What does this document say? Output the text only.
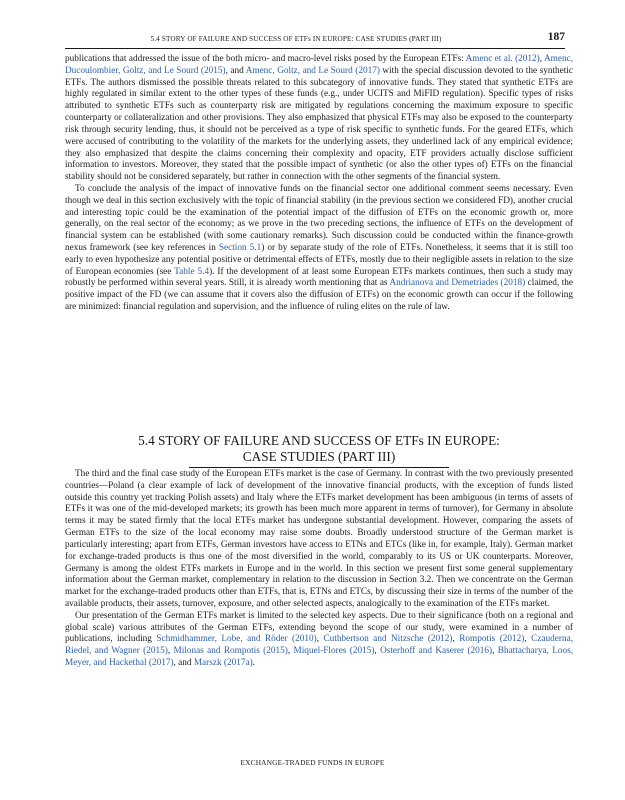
5.4 STORY OF FAILURE AND SUCCESS OF ETFs IN EUROPE: CASE STUDIES (PART III)	187

publications that addressed the issue of the both micro- and macro-level risks posed by the European ETFs: Amenc et al. (2012), Amenc, Ducoulombier, Goltz, and Le Sourd (2015), and Amenc, Goltz, and Le Sourd (2017) with the special discussion devoted to the synthetic ETFs. The authors dismissed the possible threats related to this subcategory of innovative funds. They stated that synthetic ETFs are highly regulated in similar extent to the other types of these funds (e.g., under UCITS and MiFID regulation). Specific types of risks attributed to synthetic ETFs such as counterparty risk are mitigated by regulations concerning the maximum exposure to specific counterparty or collateralization and other provisions. They also emphasized that physical ETFs may also be exposed to the counterparty risk through security lending, thus, it should not be perceived as a type of risk specific to synthetic funds. For the geared ETFs, which were accused of contributing to the volatility of the markets for the underlying assets, they underlined lack of any empirical evidence; they also emphasized that despite the claims concerning their complexity and opacity, ETF providers actually disclose sufficient information to investors. Moreover, they stated that the possible impact of synthetic (or also the other types of) ETFs on the financial stability should not be considered separately, but rather in connection with the other segments of the financial system.

To conclude the analysis of the impact of innovative funds on the financial sector one additional comment seems necessary. Even though we deal in this section exclusively with the topic of financial stability (in the previous section we considered FD), another crucial and interesting topic could be the examination of the potential impact of the diffusion of ETFs on the economic growth or, more generally, on the real sector of the economy; as we prove in the two preceding sections, the influence of ETFs on the development of financial system can be established (with some cautionary remarks). Such discussion could be conducted within the finance-growth nexus framework (see key references in Section 5.1) or by separate study of the role of ETFs. Nonetheless, it seems that it is still too early to even hypothesize any potential positive or detrimental effects of ETFs, mostly due to their negligible assets in relation to the size of European economies (see Table 5.4). If the development of at least some European ETFs markets continues, then such a study may robustly be performed within several years. Still, it is already worth mentioning that as Andrianova and Demetriades (2018) claimed, the positive impact of the FD (we can assume that it covers also the diffusion of ETFs) on the economic growth can occur if the following are minimized: financial regulation and supervision, and the influence of ruling elites on the rule of law.

5.4 STORY OF FAILURE AND SUCCESS OF ETFs IN EUROPE:
CASE STUDIES (PART III)

The third and the final case study of the European ETFs market is the case of Germany. In contrast with the two previously presented countries—Poland (a clear example of lack of development of the innovative financial products, with the exception of funds listed outside this country yet tracking Polish assets) and Italy where the ETFs market development has been ambiguous (in terms of assets of ETFs it was one of the mid-developed markets; its growth has been much more apparent in terms of turnover), for Germany in absolute terms it may be stated firmly that the local ETFs market has undergone substantial development. However, comparing the assets of German ETFs to the size of the local economy may raise some doubts. Broadly understood structure of the German market is particularly interesting; apart from ETFs, German investors have access to ETNs and ETCs (like in, for example, Italy). German market for exchange-traded products is thus one of the most diversified in the world, comparably to its US or UK counterparts. Moreover, Germany is among the oldest ETFs markets in Europe and in the world. In this section we present first some general supplementary information about the German market, complementary in relation to the discussion in Section 3.2. Then we concentrate on the German market for the exchange-traded products other than ETFs, that is, ETNs and ETCs, by discussing their size in terms of the number of the available products, their assets, turnover, exposure, and other selected aspects, analogically to the examination of the ETFs market.

Our presentation of the German ETFs market is limited to the selected key aspects. Due to their significance (both on a regional and global scale) various attributes of the German ETFs, extending beyond the scope of our study, were examined in a number of publications, including Schmidhammer, Lobe, and Röder (2010), Cuthbertson and Nitzsche (2012), Rompotis (2012), Czauderna, Riedel, and Wagner (2015), Milonas and Rompotis (2015), Miquel-Flores (2015), Osterhoff and Kaserer (2016), Bhattacharya, Loos, Meyer, and Hackethal (2017), and Marszk (2017a).

EXCHANGE-TRADED FUNDS IN EUROPE
